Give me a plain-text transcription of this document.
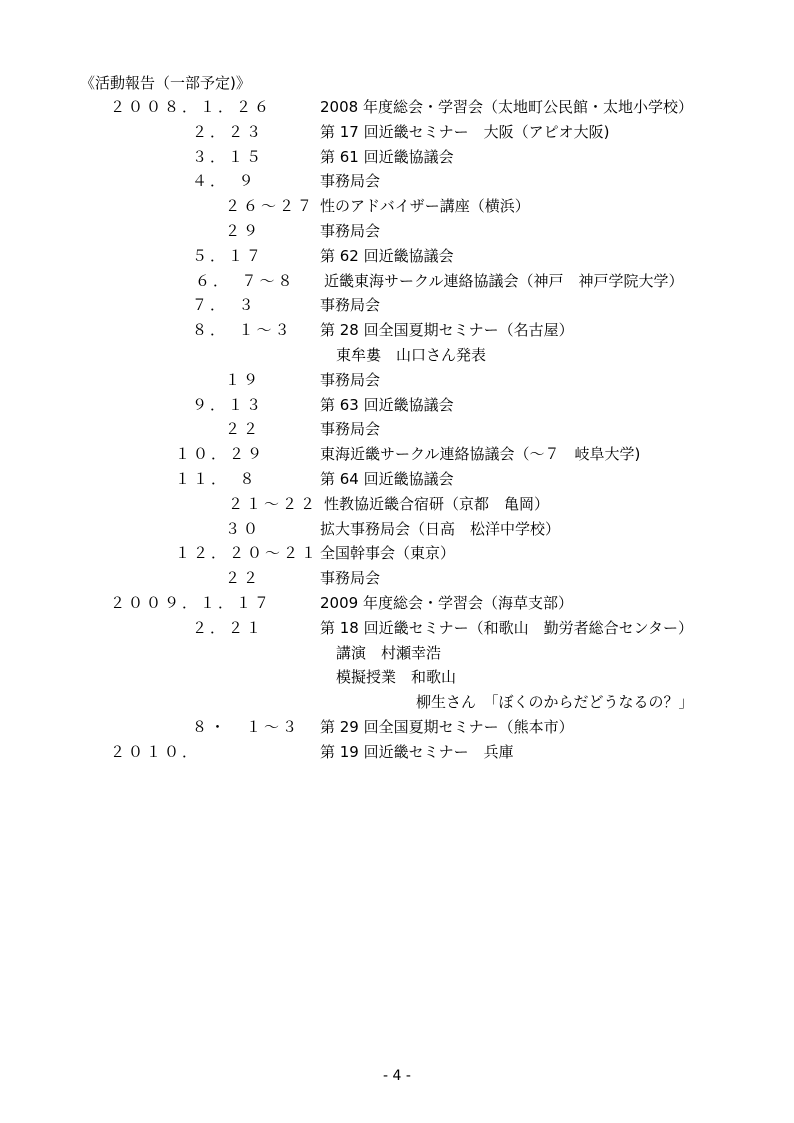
《活動報告（一部予定)》
２００８．１．２６	2008 年度総会・学習会（太地町公民館・太地小学校）
２．２３	第 17 回近畿セミナー　大阪（アピオ大阪)
３．１５	第 61 回近畿協議会
４．　９	事務局会
２６～２７ 性のアドバイザー講座（横浜）
２９	事務局会
５．１７	第 62 回近畿協議会
６．　７～８ 近畿東海サークル連絡協議会（神戸　神戸学院大学）
７．　３	事務局会
８．　１～３ 第 28 回全国夏期セミナー（名古屋）
東牟婁　山口さん発表
１９	事務局会
９．１３	第 63 回近畿協議会
２２	事務局会
１０．２９	東海近畿サークル連絡協議会（～７　岐阜大学)
１１．　８	第 64 回近畿協議会
２１～２２ 性教協近畿合宿研（京都　亀岡）
３０	拡大事務局会（日高　松洋中学校）
１２．２０～２１ 全国幹事会（東京）
２２	事務局会
２００９．１．１７	2009 年度総会・学習会（海草支部）
２．２１	第 18 回近畿セミナー（和歌山　勤労者総合センター）
講演　村瀬幸浩
模擬授業　和歌山
柳生さん　「ぼくのからだどうなるの？」
８・　１～３ 第 29 回全国夏期セミナー（熊本市）
２０１０．	第 19 回近畿セミナー　兵庫
- 4 -
